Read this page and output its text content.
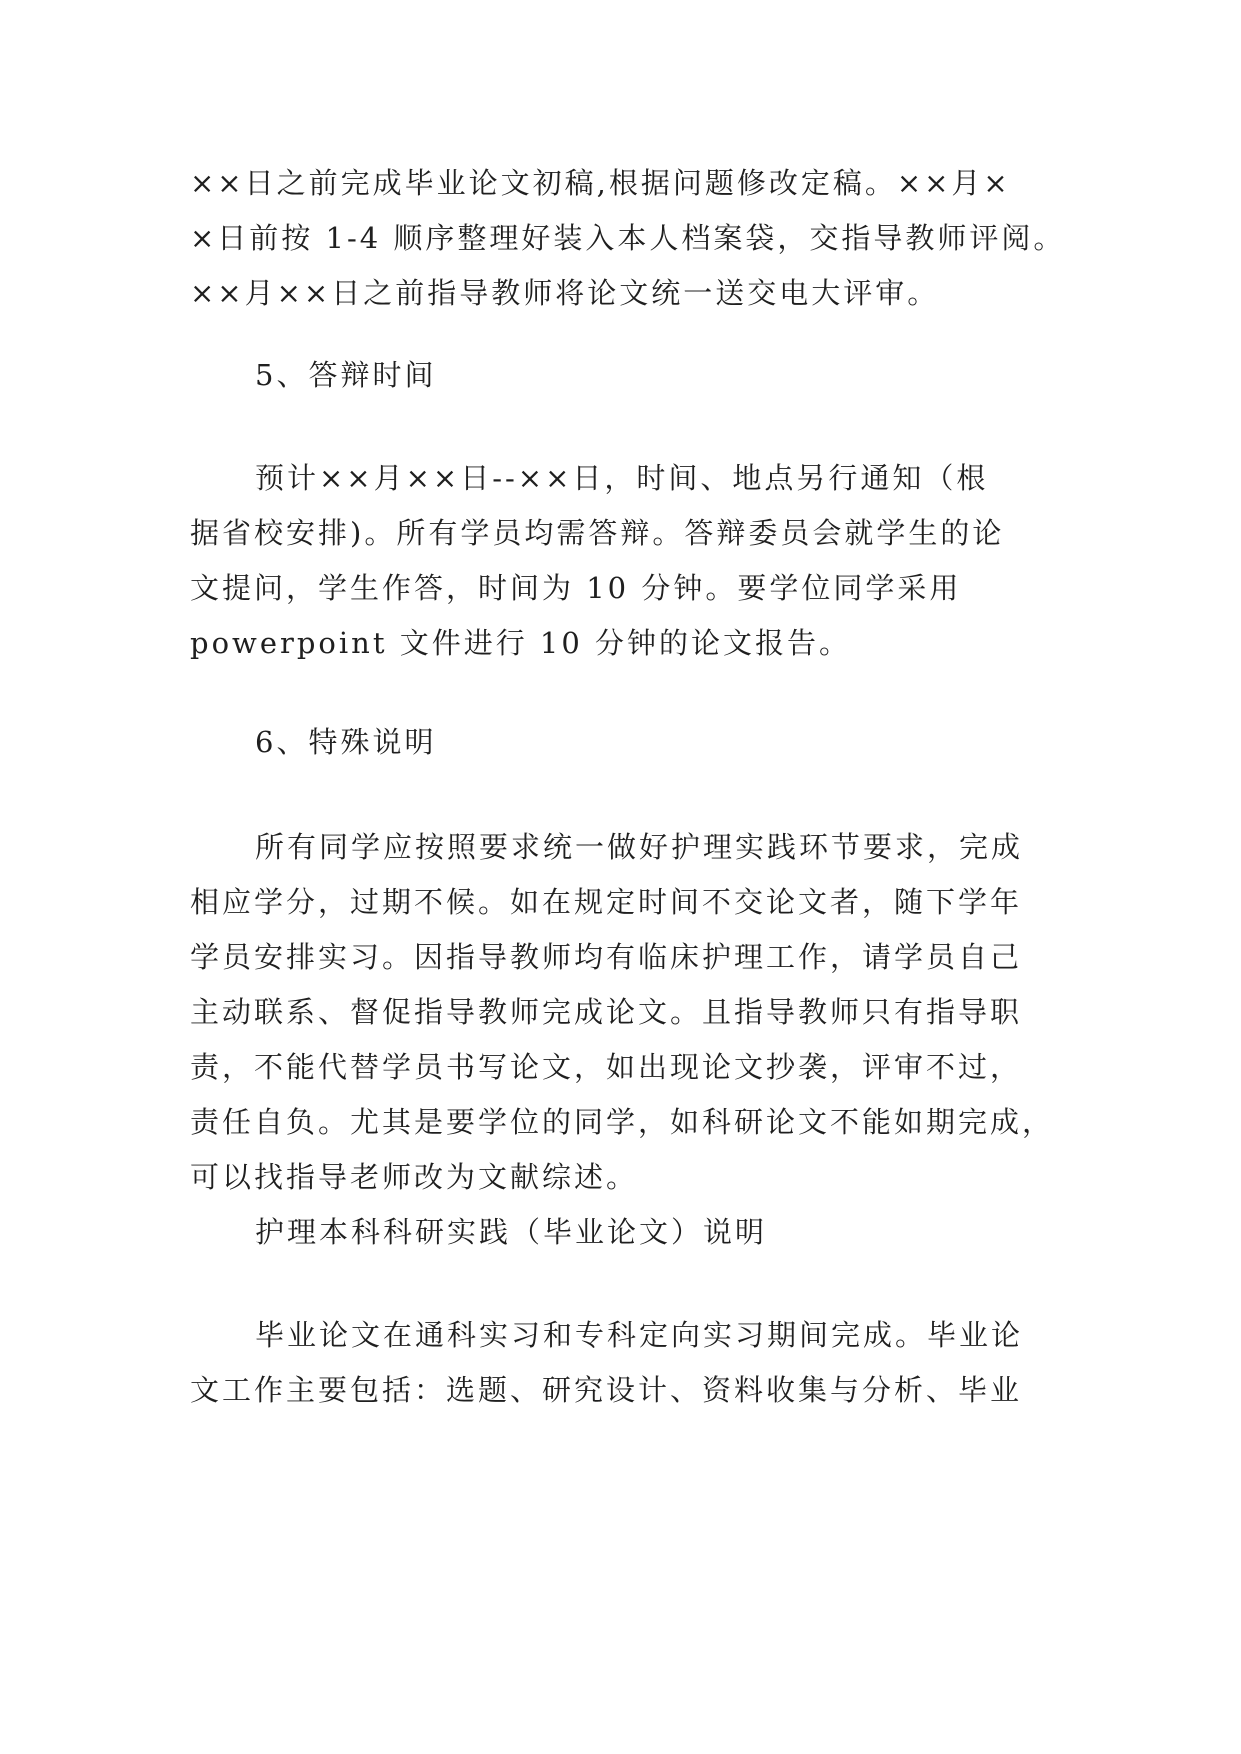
××日之前完成毕业论文初稿,根据问题修改定稿。××月×

×日前按 1-4 顺序整理好装入本人档案袋，交指导教师评阅。

××月××日之前指导教师将论文统一送交电大评审。

5、答辩时间

预计××月××日--××日，时间、地点另行通知（根

据省校安排)。所有学员均需答辩。答辩委员会就学生的论

文提问，学生作答，时间为 10 分钟。要学位同学采用

powerpoint 文件进行 10 分钟的论文报告。

6、特殊说明

所有同学应按照要求统一做好护理实践环节要求，完成

相应学分，过期不候。如在规定时间不交论文者，随下学年

学员安排实习。因指导教师均有临床护理工作，请学员自己

主动联系、督促指导教师完成论文。且指导教师只有指导职

责，不能代替学员书写论文，如出现论文抄袭，评审不过，

责任自负。尤其是要学位的同学，如科研论文不能如期完成，

可以找指导老师改为文献综述。

护理本科科研实践（毕业论文）说明

毕业论文在通科实习和专科定向实习期间完成。毕业论

文工作主要包括：选题、研究设计、资料收集与分析、毕业
